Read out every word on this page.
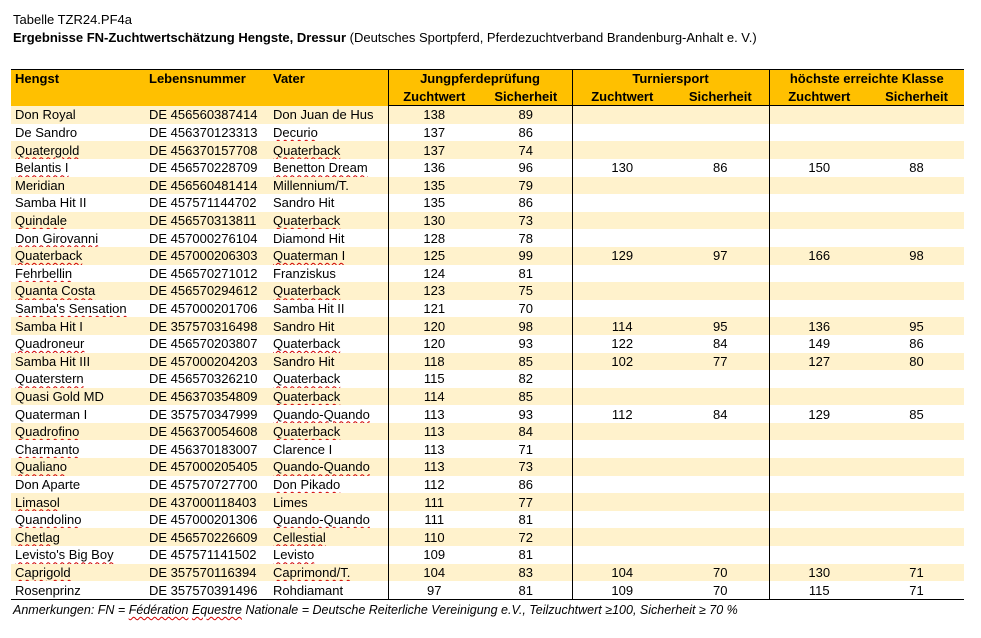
Tabelle TZR24.PF4a
Ergebnisse FN-Zuchtwertschätzung Hengste, Dressur (Deutsches Sportpferd, Pferdezuchtverband Brandenburg-Anhalt e. V.)
Hengst	Lebensnummer	Vater	Jungpferdeprüfung		Turniersport		höchste erreichte Klasse	
			Zuchtwert	Sicherheit	Zuchtwert	Sicherheit	Zuchtwert	Sicherheit
Don Royal	DE 456560387414	Don Juan de Hus	138	89				
De Sandro	DE 456370123313	Decurio	137	86				
Quatergold	DE 456370157708	Quaterback	137	74				
Belantis I	DE 456570228709	Benetton Dream	136	96	130	86	150	88
Meridian	DE 456560481414	Millennium/T.	135	79				
Samba Hit II	DE 457571144702	Sandro Hit	135	86				
Quindale	DE 456570313811	Quaterback	130	73				
Don Girovanni	DE 457000276104	Diamond Hit	128	78				
Quaterback	DE 457000206303	Quaterman I	125	99	129	97	166	98
Fehrbellin	DE 456570271012	Franziskus	124	81				
Quanta Costa	DE 456570294612	Quaterback	123	75				
Samba's Sensation	DE 457000201706	Samba Hit II	121	70				
Samba Hit I	DE 357570316498	Sandro Hit	120	98	114	95	136	95
Quadroneur	DE 456570203807	Quaterback	120	93	122	84	149	86
Samba Hit III	DE 457000204203	Sandro Hit	118	85	102	77	127	80
Quaterstern	DE 456570326210	Quaterback	115	82				
Quasi Gold MD	DE 456370354809	Quaterback	114	85				
Quaterman I	DE 357570347999	Quando-Quando	113	93	112	84	129	85
Quadrofino	DE 456370054608	Quaterback	113	84				
Charmanto	DE 456370183007	Clarence I	113	71				
Qualiano	DE 457000205405	Quando-Quando	113	73				
Don Aparte	DE 457570727700	Don Pikado	112	86				
Limasol	DE 437000118403	Limes	111	77				
Quandolino	DE 457000201306	Quando-Quando	111	81				
Chetlag	DE 456570226609	Cellestial	110	72				
Levisto's Big Boy	DE 457571141502	Levisto	109	81				
Caprigold	DE 357570116394	Caprimond/T.	104	83	104	70	130	71
Rosenprinz	DE 357570391496	Rohdiamant	97	81	109	70	115	71
Anmerkungen: FN = Fédération Equestre Nationale = Deutsche Reiterliche Vereinigung e.V., Teilzuchtwert ≥100, Sicherheit ≥ 70 %
